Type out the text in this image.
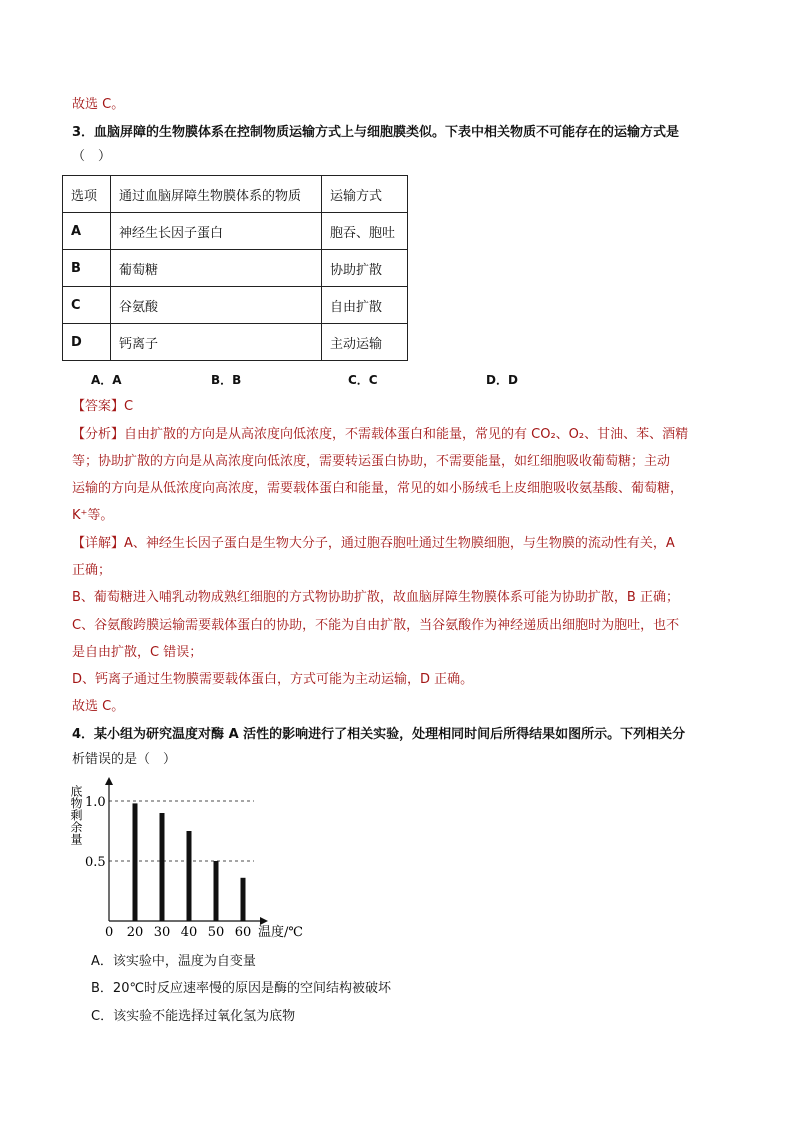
故选 C。
3．血脑屏障的生物膜体系在控制物质运输方式上与细胞膜类似。下表中相关物质不可能存在的运输方式是
（　）
选项	通过血脑屏障生物膜体系的物质	运输方式
A	神经生长因子蛋白	胞吞、胞吐
B	葡萄糖	协助扩散
C	谷氨酸	自由扩散
D	钙离子	主动运输
A．A	B．B	C．C	D．D
【答案】C
【分析】自由扩散的方向是从高浓度向低浓度，不需载体蛋白和能量，常见的有 CO₂、O₂、甘油、苯、酒精
等；协助扩散的方向是从高浓度向低浓度，需要转运蛋白协助，不需要能量，如红细胞吸收葡萄糖；主动
运输的方向是从低浓度向高浓度，需要载体蛋白和能量，常见的如小肠绒毛上皮细胞吸收氨基酸、葡萄糖，
K⁺等。
【详解】A、神经生长因子蛋白是生物大分子，通过胞吞胞吐通过生物膜细胞，与生物膜的流动性有关，A
正确；
B、葡萄糖进入哺乳动物成熟红细胞的方式物协助扩散，故血脑屏障生物膜体系可能为协助扩散，B 正确；
C、谷氨酸跨膜运输需要载体蛋白的协助，不能为自由扩散，当谷氨酸作为神经递质出细胞时为胞吐，也不
是自由扩散，C 错误；
D、钙离子通过生物膜需要载体蛋白，方式可能为主动运输，D 正确。
故选 C。
4．某小组为研究温度对酶 A 活性的影响进行了相关实验，处理相同时间后所得结果如图所示。下列相关分
析错误的是（　）
底物剩余量 1.0
0.5
0 20 30 40 50 60 温度/℃
A．该实验中，温度为自变量
B．20℃时反应速率慢的原因是酶的空间结构被破坏
C．该实验不能选择过氧化氢为底物
